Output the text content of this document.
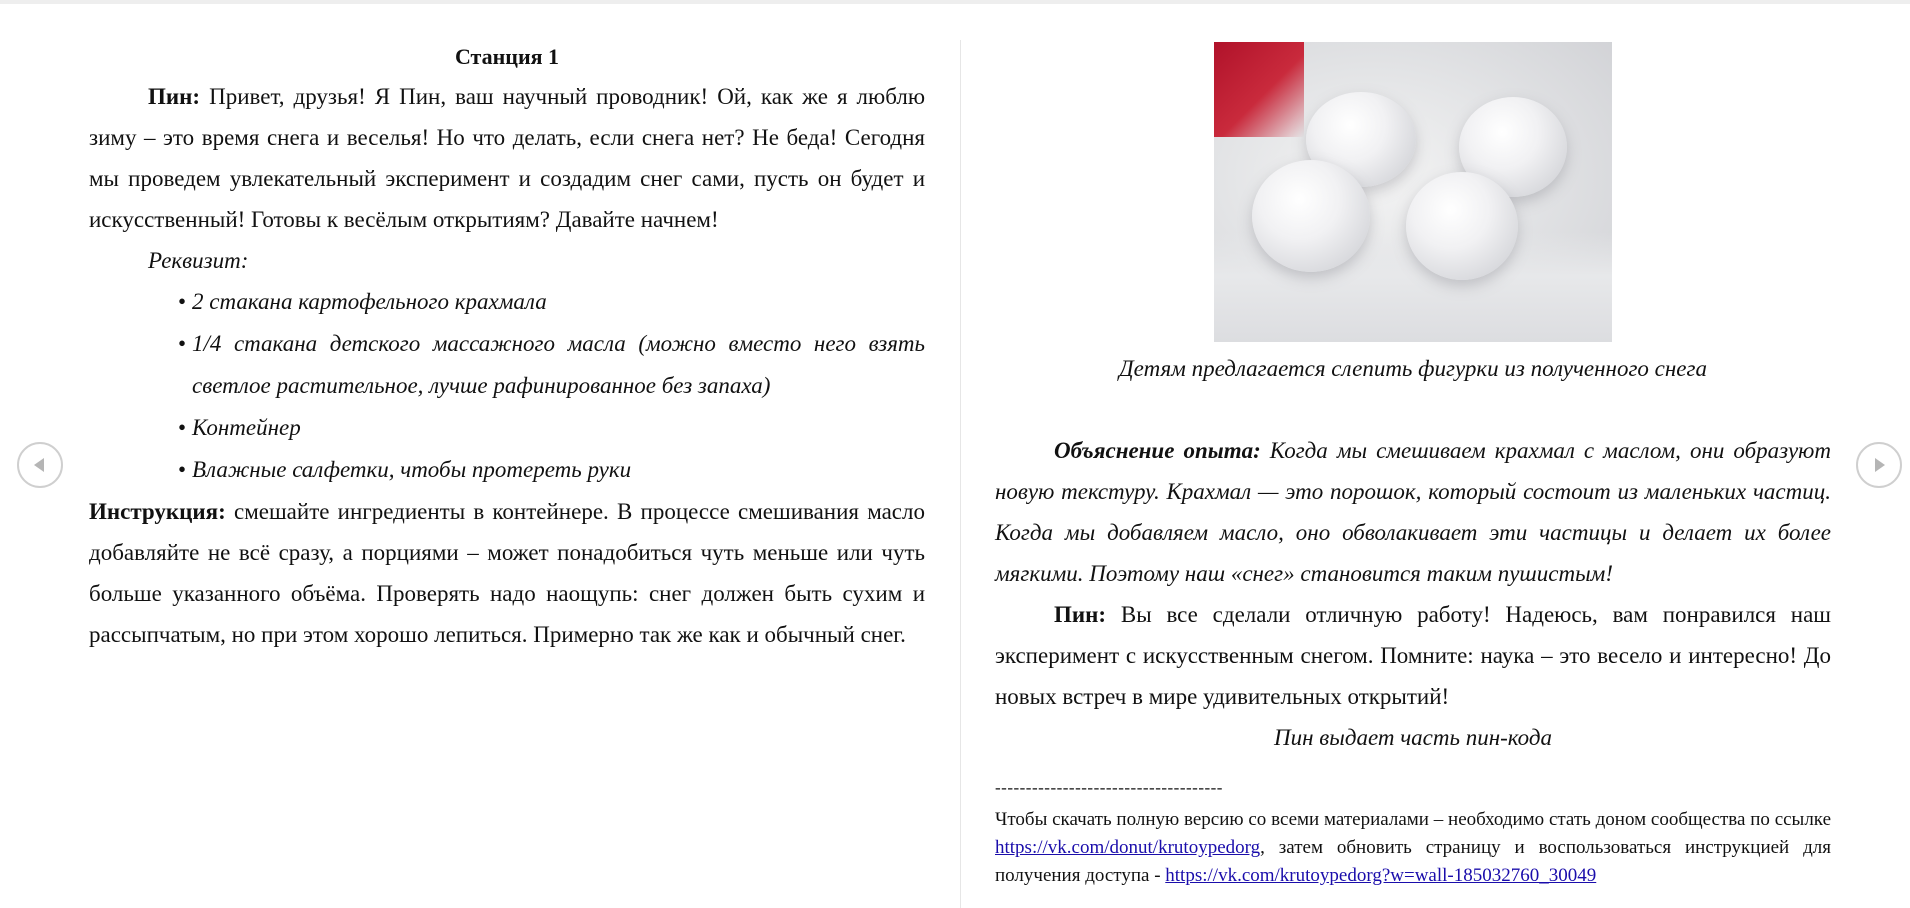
Станция 1

Пин: Привет, друзья! Я Пин, ваш научный проводник! Ой, как же я люблю зиму – это время снега и веселья! Но что делать, если снега нет? Не беда! Сегодня мы проведем увлекательный эксперимент и создадим снег сами, пусть он будет и искусственный! Готовы к весёлым открытиям? Давайте начнем!

Реквизит:

• 2 стакана картофельного крахмала
• 1/4 стакана детского массажного масла (можно вместо него взять светлое растительное, лучше рафинированное без запаха)
• Контейнер
• Влажные салфетки, чтобы протереть руки

Инструкция: смешайте ингредиенты в контейнере. В процессе смешивания масло добавляйте не всё сразу, а порциями – может понадобиться чуть меньше или чуть больше указанного объёма. Проверять надо наощупь: снег должен быть сухим и рассыпчатым, но при этом хорошо лепиться. Примерно так же как и обычный снег.

Детям предлагается слепить фигурки из полученного снега

Объяснение опыта: Когда мы смешиваем крахмал с маслом, они образуют новую текстуру. Крахмал — это порошок, который состоит из маленьких частиц. Когда мы добавляем масло, оно обволакивает эти частицы и делает их более мягкими. Поэтому наш «снег» становится таким пушистым!

Пин: Вы все сделали отличную работу! Надеюсь, вам понравился наш эксперимент с искусственным снегом. Помните: наука – это весело и интересно! До новых встреч в мире удивительных открытий!

Пин выдает часть пин-кода

-------------------------------------

Чтобы скачать полную версию со всеми материалами – необходимо стать доном сообщества по ссылке https://vk.com/donut/krutoypedorg, затем обновить страницу и воспользоваться инструкцией для получения доступа - https://vk.com/krutoypedorg?w=wall-185032760_30049
